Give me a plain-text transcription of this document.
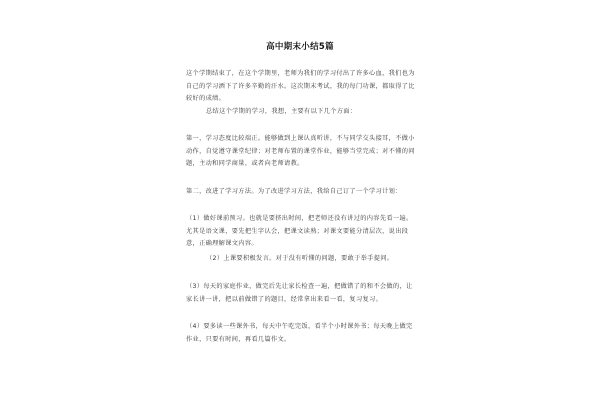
高中期末小结5篇
这个学期结束了，在这个学期里，老师为我们的学习付出了许多心血，我们也为自己的学习洒下了许多辛勤的汗水。这次期末考试，我的每门功课，都取得了比较好的成绩。
总结这个学期的学习，我想，主要有以下几个方面：
第一，学习态度比较端正。能够做到上课认真听讲，不与同学交头接耳，不做小动作，自觉遵守课堂纪律；对老师布置的课堂作业，能够当堂完成；对不懂的问题，主动和同学商量，或者向老师请教。
第二，改进了学习方法。为了改进学习方法，我给自己订了一个学习计划：
（1）做好课前预习。也就是要挤出时间，把老师还没有讲过的内容先看一遍。尤其是语文课，要先把生字认会，把课文读熟；对课文要能分清层次，说出段意，正确理解课文内容。
（2）上课要积极发言。对于没有听懂的问题，要敢于举手提问。
（3）每天的家庭作业，做完后先让家长检查一遍，把做错了的和不会做的，让家长讲一讲，把以前做错了的题目，经常拿出来看一看，复习复习。
（4）要多读一些课外书，每天中午吃完饭，看半个小时课外书；每天晚上做完作业，只要有时间，再看几篇作文。
